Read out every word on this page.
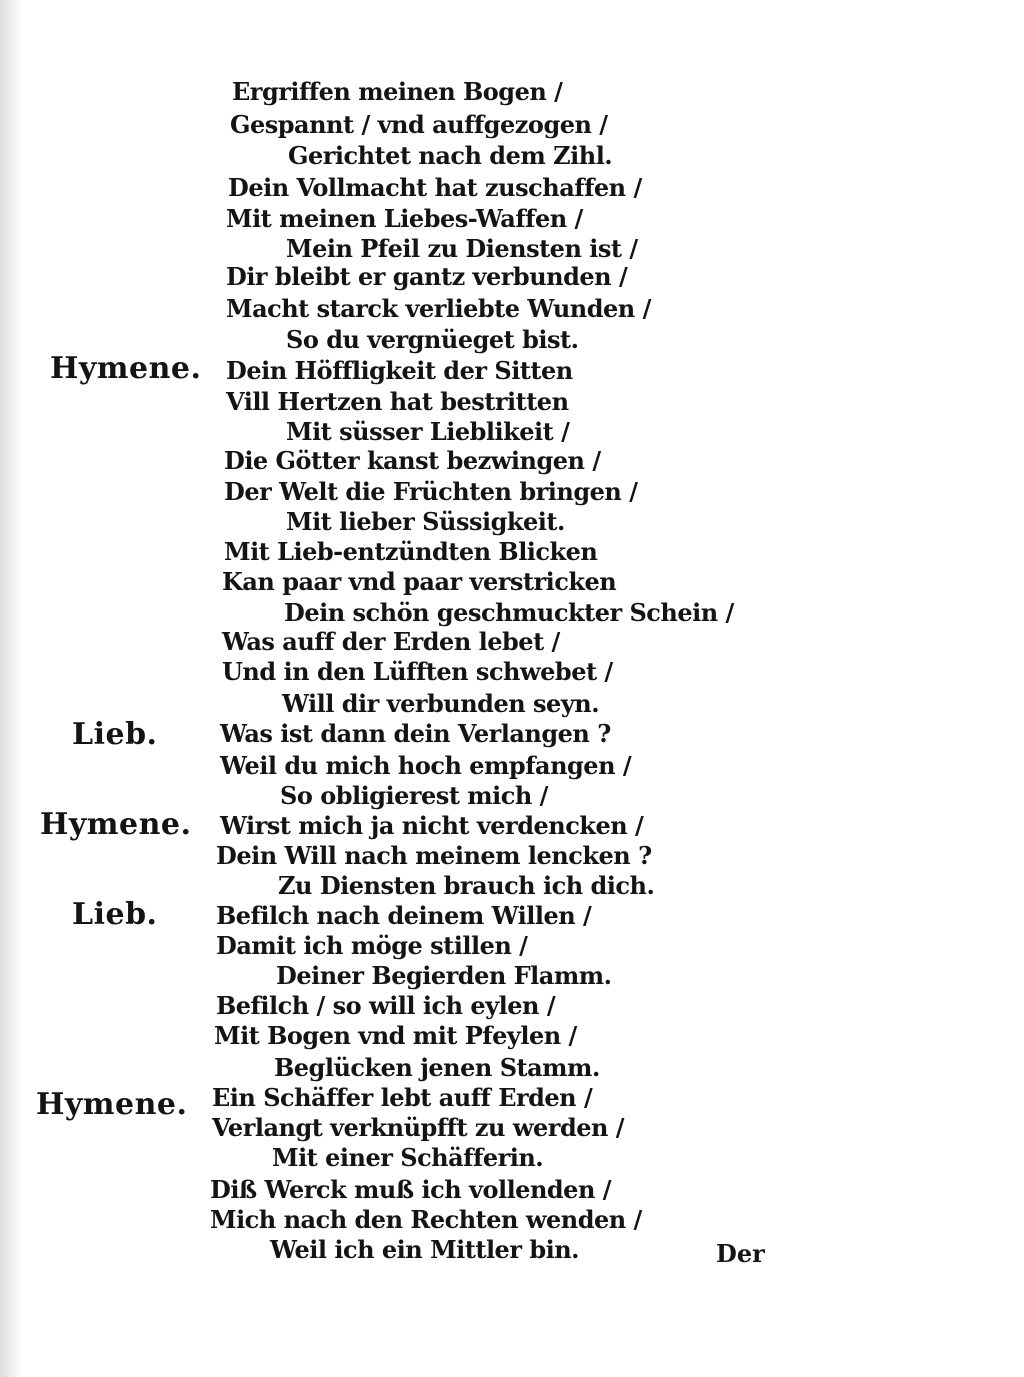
Ergriffen meinen Bogen /
Gespannt / vnd auffgezogen /
Gerichtet nach dem Zihl.
Dein Vollmacht hat zuschaffen /
Mit meinen Liebes-Waffen /
Mein Pfeil zu Diensten ist /
Dir bleibt er gantz verbunden /
Macht starck verliebte Wunden /
So du vergnüeget bist.
Dein Höffligkeit der Sitten
Vill Hertzen hat bestritten
Mit süsser Lieblikeit /
Die Götter kanst bezwingen /
Der Welt die Früchten bringen /
Mit lieber Süssigkeit.
Mit Lieb-entzündten Blicken
Kan paar vnd paar verstricken
Dein schön geschmuckter Schein /
Was auff der Erden lebet /
Und in den Lüfften schwebet /
Will dir verbunden seyn.
Was ist dann dein Verlangen ?
Weil du mich hoch empfangen /
So obligierest mich /
Wirst mich ja nicht verdencken /
Dein Will nach meinem lencken ?
Zu Diensten brauch ich dich.
Befilch nach deinem Willen /
Damit ich möge stillen /
Deiner Begierden Flamm.
Befilch / so will ich eylen /
Mit Bogen vnd mit Pfeylen /
Beglücken jenen Stamm.
Ein Schäffer lebt auff Erden /
Verlangt verknüpfft zu werden /
Mit einer Schäfferin.
Diß Werck muß ich vollenden /
Mich nach den Rechten wenden /
Weil ich ein Mittler bin.
Hymene.
Lieb.
Hymene.
Lieb.
Hymene.
Der
